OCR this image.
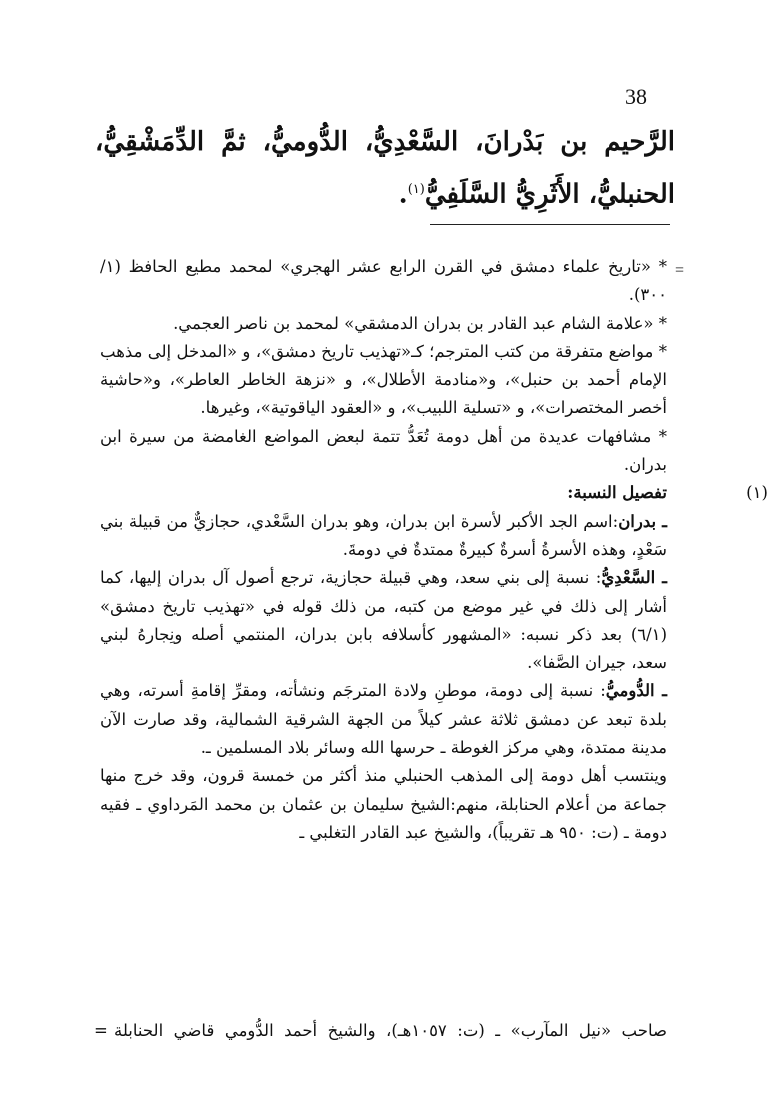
38
الرَّحيم بن بَدْرانَ، السَّعْدِيُّ، الدُّوميُّ، ثمَّ الدِّمَشْقِيُّ، الحنبليُّ، الأَثَرِيُّ السَّلَفِيُّ$^{(١)}$.
=

* «تاريخ علماء دمشق في القرن الرابع عشر الهجري» لمحمد مطيع الحافظ (١/ ٣٠٠).

* «علامة الشام عبد القادر بن بدران الدمشقي» لمحمد بن ناصر العجمي.

* مواضع متفرقة من كتب المترجم؛ كـ«تهذيب تاريخ دمشق»، و «المدخل إلى مذهب الإمام أحمد بن حنبل»، و«منادمة الأطلال»، و «نزهة الخاطر العاطر»، و«حاشية أخصر المختصرات»، و «تسلية اللبيب»، و «العقود الياقوتية»، وغيرها.

* مشافهات عديدة من أهل دومة تُعَدُّ تتمة لبعض المواضع الغامضة من سيرة ابن بدران.

(١)
تفصيل النسبة:

ـ بدران:اسم الجد الأكبر لأسرة ابن بدران، وهو بدران السَّعْدي، حجازيٌّ من قبيلة بني سَعْدٍ، وهذه الأسرةُ أسرةٌ كبيرةٌ ممتدةٌ في دومةَ.

ـ السَّعْدِيُّ: نسبة إلى بني سعد، وهي قبيلة حجازية، ترجع أصول آل بدران إليها، كما أشار إلى ذلك في غير موضع من كتبه، من ذلك قوله في «تهذيب تاريخ دمشق» (٦/١) بعد ذكر نسبه: «المشهور كأسلافه بابن بدران، المنتمي أصله ونِجارهُ لبني سعد، جيران الصَّفا».

ـ الدُّوميُّ: نسبة إلى دومة، موطنِ ولادة المترجَم ونشأته، ومقرِّ إقامةِ أسرته، وهي بلدة تبعد عن دمشق ثلاثة عشر كيلاً من الجهة الشرقية الشمالية، وقد صارت الآن مدينة ممتدة، وهي مركز الغوطة ـ حرسها الله وسائر بلاد المسلمين ـ.

وينتسب أهل دومة إلى المذهب الحنبلي منذ أكثر من خمسة قرون، وقد خرج منها جماعة من أعلام الحنابلة، منهم:الشيخ سليمان بن عثمان بن محمد المَرداوي ـ فقيه دومة ـ (ت: ٩٥٠ هـ تقريباً)، والشيخ عبد القادر التغلبي ـ

صاحب «نيل المآرب» ـ (ت: ١٠٥٧هـ)، والشيخ أحمد الدُّومي قاضي الحنابلة
=
